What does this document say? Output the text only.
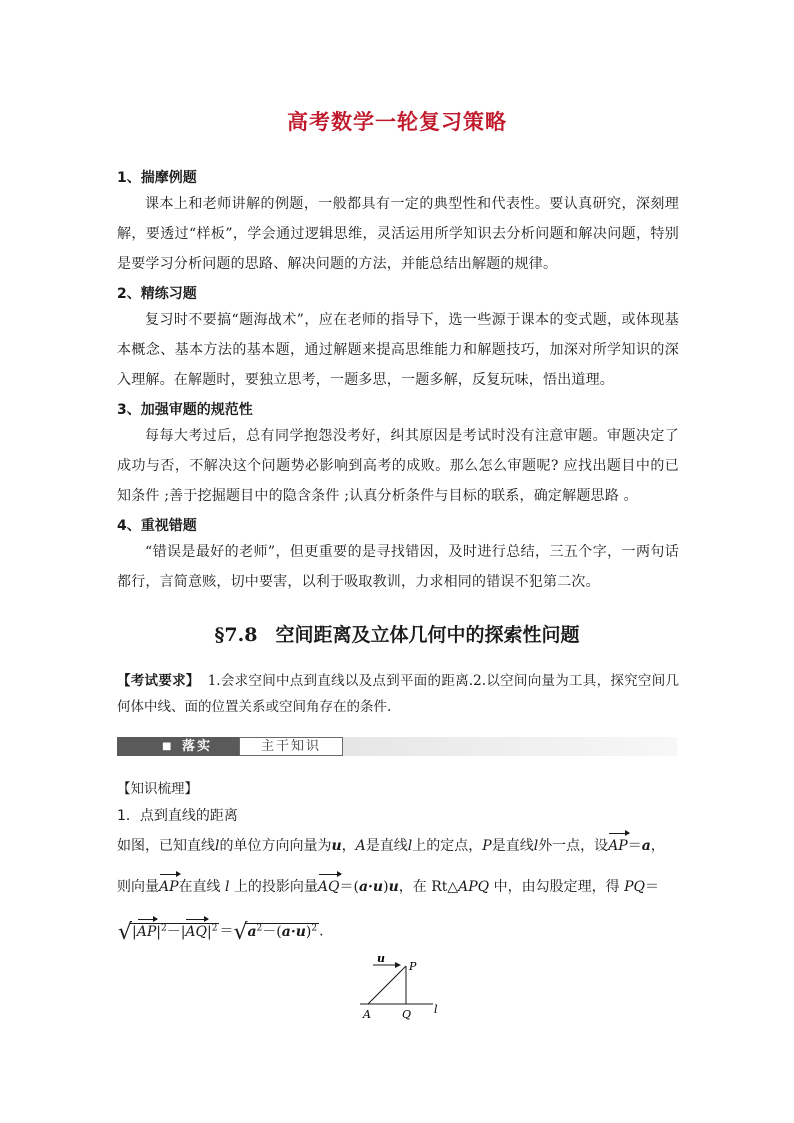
高考数学一轮复习策略
1、揣摩例题
课本上和老师讲解的例题，一般都具有一定的典型性和代表性。要认真研究，深刻理解，要透过“样板”，学会通过逻辑思维，灵活运用所学知识去分析问题和解决问题，特别是要学习分析问题的思路、解决问题的方法，并能总结出解题的规律。
2、精练习题
复习时不要搞“题海战术”，应在老师的指导下，选一些源于课本的变式题，或体现基本概念、基本方法的基本题，通过解题来提高思维能力和解题技巧，加深对所学知识的深入理解。在解题时，要独立思考，一题多思，一题多解，反复玩味，悟出道理。
3、加强审题的规范性
每每大考过后，总有同学抱怨没考好，纠其原因是考试时没有注意审题。审题决定了成功与否，不解决这个问题势必影响到高考的成败。那么怎么审题呢? 应找出题目中的已知条件 ;善于挖掘题目中的隐含条件 ;认真分析条件与目标的联系，确定解题思路 。
4、重视错题
“错误是最好的老师”，但更重要的是寻找错因，及时进行总结，三五个字，一两句话都行，言简意赅，切中要害，以利于吸取教训，力求相同的错误不犯第二次。
§7.8 空间距离及立体几何中的探索性问题
【考试要求】 1.会求空间中点到直线以及点到平面的距离.2.以空间向量为工具，探究空间几何体中线、面的位置关系或空间角存在的条件.
■ 落实	主干知识
【知识梳理】
1．点到直线的距离
如图，已知直线l的单位方向向量为u，A是直线l上的定点，P是直线l外一点，设AP＝a，
则向量AP在直线 l 上的投影向量AQ＝(a·u)u，在 Rt△APQ 中，由勾股定理，得 PQ＝
√ $|AP|^2-|AQ|^2$ ＝ √ $a^2-(a\cdot u)^2$ .
u
P
A	Q l
